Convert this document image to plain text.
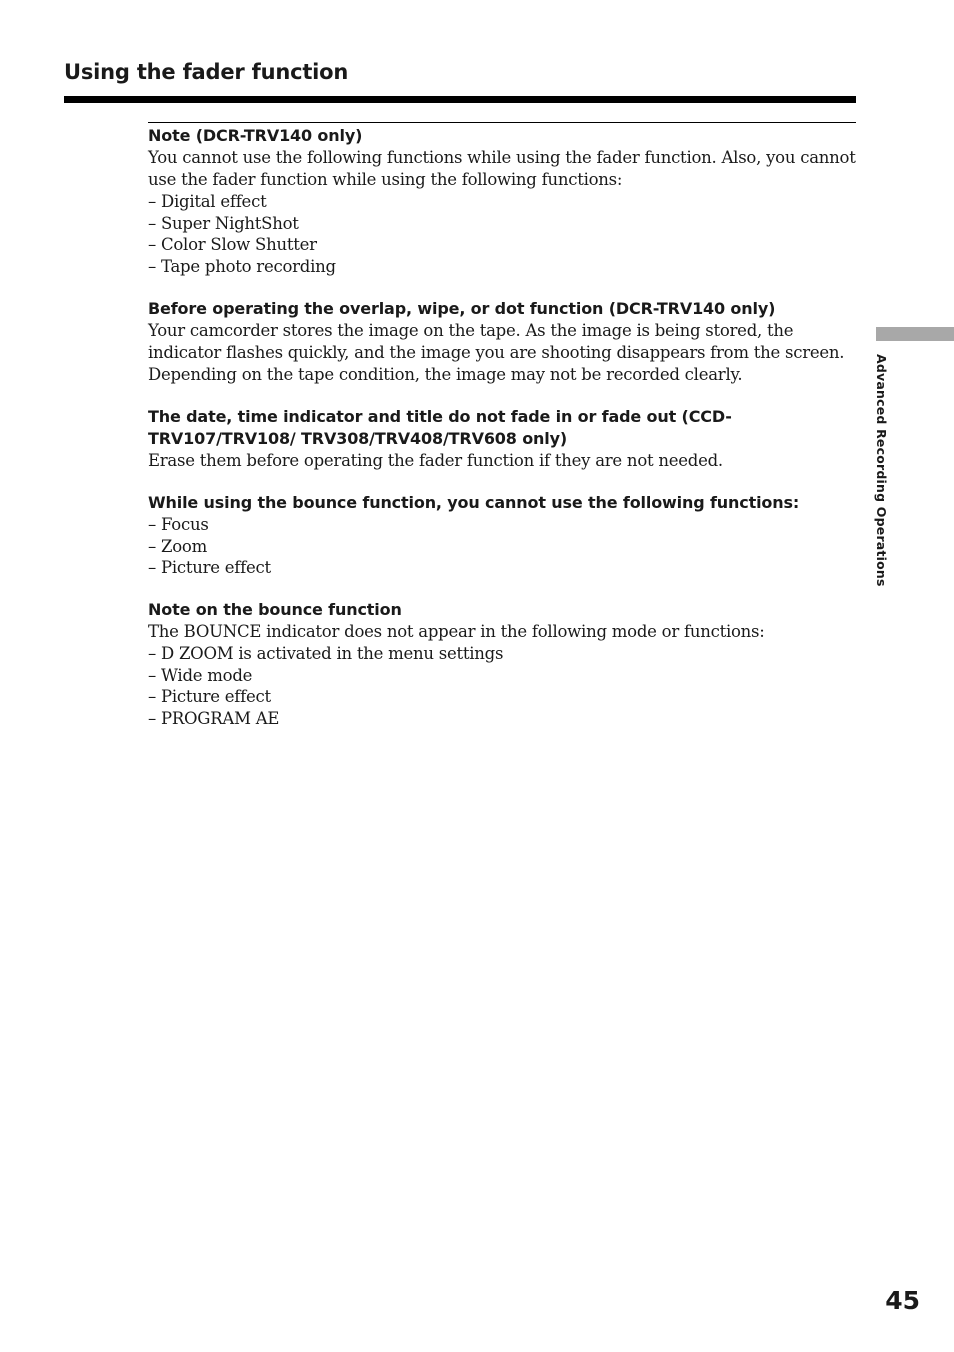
Using the fader function

Note (DCR-TRV140 only)

You cannot use the following functions while using the fader function. Also, you cannot use the fader function while using the following functions:

– Digital effect
– Super NightShot
– Color Slow Shutter
– Tape photo recording

Before operating the overlap, wipe, or dot function (DCR-TRV140 only)

Your camcorder stores the image on the tape. As the image is being stored, the indicator flashes quickly, and the image you are shooting disappears from the screen. Depending on the tape condition, the image may not be recorded clearly.

The date, time indicator and title do not fade in or fade out (CCD-TRV107/TRV108/ TRV308/TRV408/TRV608 only)

Erase them before operating the fader function if they are not needed.

While using the bounce function, you cannot use the following functions:

– Focus
– Zoom
– Picture effect

Note on the bounce function

The BOUNCE indicator does not appear in the following mode or functions:

– D ZOOM is activated in the menu settings
– Wide mode
– Picture effect
– PROGRAM AE
Advanced Recording Operations
45
